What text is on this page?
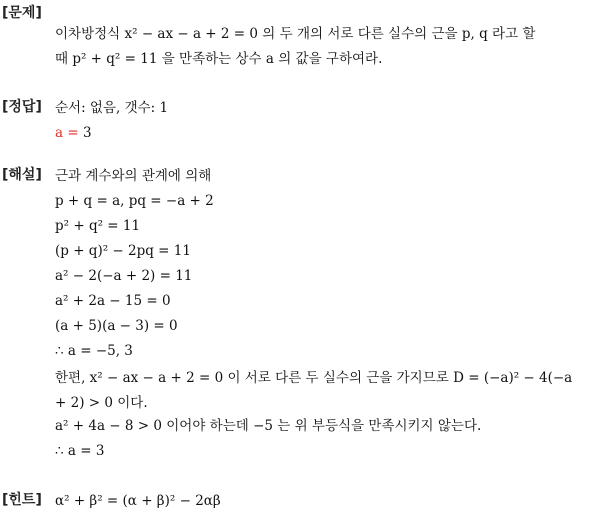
[문제]
이차방정식 x² − ax − a + 2 = 0 의 두 개의 서로 다른 실수의 근을 p, q 라고 할
때 p² + q² = 11 을 만족하는 상수 a 의 값을 구하여라.
[정답] 순서: 없음, 갯수: 1
a = 3
[해설] 근과 계수와의 관계에 의해
p + q = a, pq = −a + 2
p² + q² = 11
(p + q)² − 2pq = 11
a² − 2(−a + 2) = 11
a² + 2a − 15 = 0
(a + 5)(a − 3) = 0
∴ a = −5, 3
한편, x² − ax − a + 2 = 0 이 서로 다른 두 실수의 근을 가지므로 D = (−a)² − 4(−a + 2) > 0 이다.
a² + 4a − 8 > 0 이어야 하는데 −5 는 위 부등식을 만족시키지 않는다.
∴ a = 3
[힌트] α² + β² = (α + β)² − 2αβ
